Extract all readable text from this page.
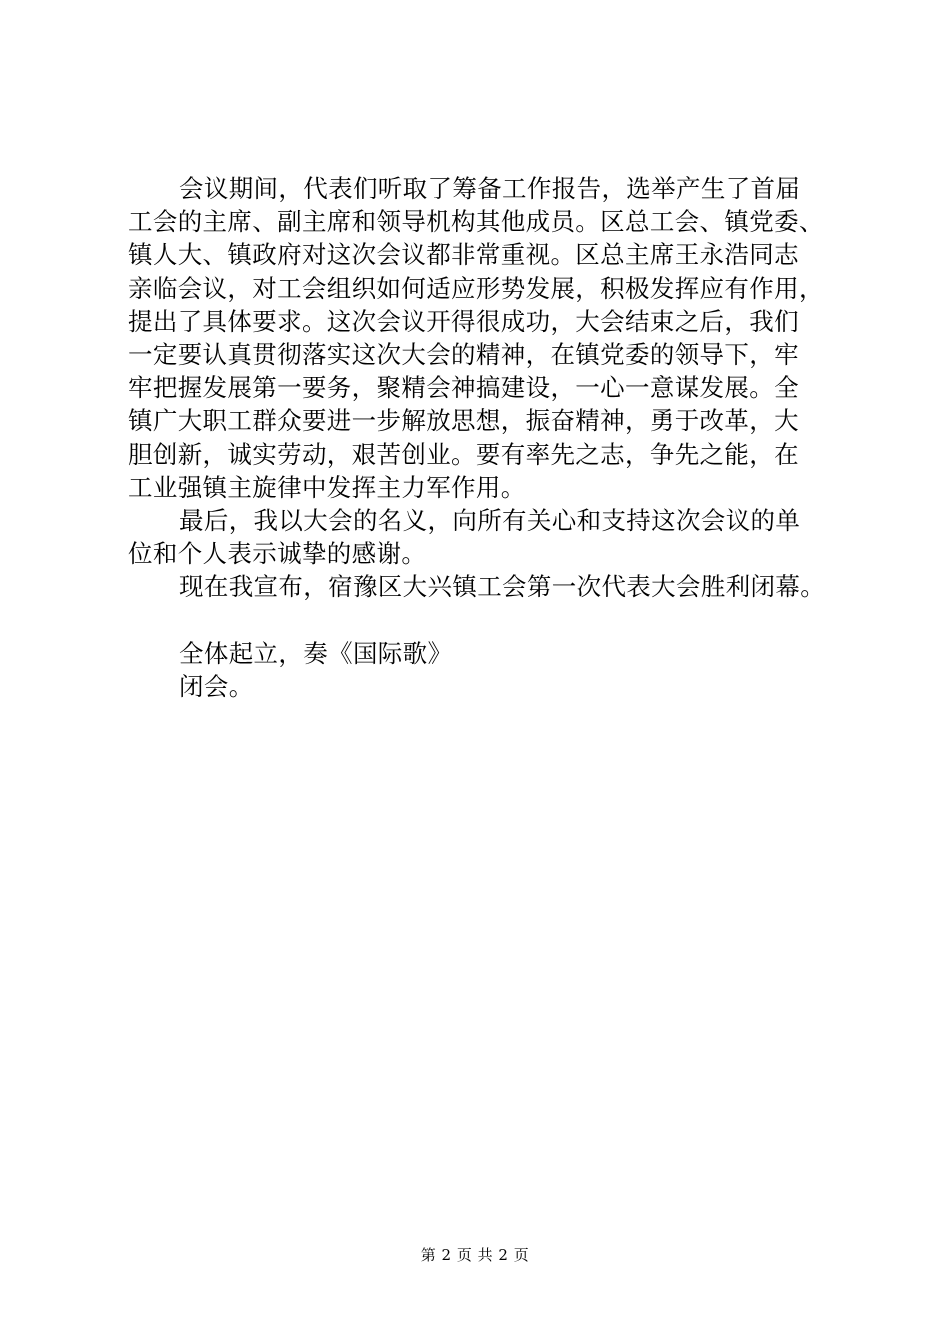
会议期间，代表们听取了筹备工作报告，选举产生了首届
工会的主席、副主席和领导机构其他成员。区总工会、镇党委、
镇人大、镇政府对这次会议都非常重视。区总主席王永浩同志
亲临会议，对工会组织如何适应形势发展，积极发挥应有作用，
提出了具体要求。这次会议开得很成功，大会结束之后，我们
一定要认真贯彻落实这次大会的精神，在镇党委的领导下，牢
牢把握发展第一要务，聚精会神搞建设，一心一意谋发展。全
镇广大职工群众要进一步解放思想，振奋精神，勇于改革，大
胆创新，诚实劳动，艰苦创业。要有率先之志，争先之能，在
工业强镇主旋律中发挥主力军作用。
最后，我以大会的名义，向所有关心和支持这次会议的单
位和个人表示诚挚的感谢。
现在我宣布，宿豫区大兴镇工会第一次代表大会胜利闭幕。
全体起立，奏《国际歌》
闭会。
第 2 页 共 2 页
